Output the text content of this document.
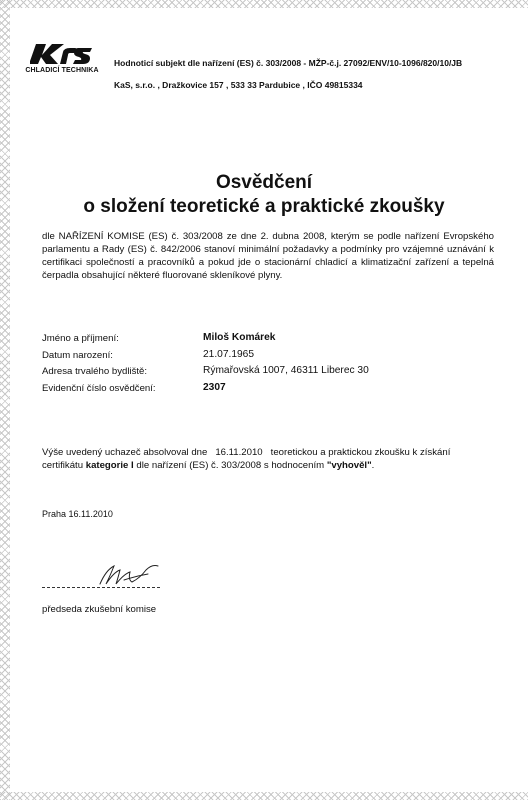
CHLADICÍ TECHNIKA
Hodnoticí subjekt dle nařízení (ES) č. 303/2008 - MŽP-č.j. 27092/ENV/10-1096/820/10/JB
KaS, s.r.o. , Dražkovice 157 , 533 33 Pardubice , IČO 49815334
Osvědčení
o složení teoretické a praktické zkoušky
dle NAŘÍZENÍ KOMISE (ES) č. 303/2008 ze dne 2. dubna 2008, kterým se podle nařízení Evropského parlamentu a Rady (ES) č. 842/2006 stanoví minimální požadavky a podmínky pro vzájemné uznávání k certifikaci společností a pracovníků a pokud jde o stacionární chladicí a klimatizační zařízení a tepelná čerpadla obsahující některé fluorované skleníkové plyny.
Jméno a příjmení:	Miloš Komárek
Datum narození:	21.07.1965
Adresa trvalého bydliště:	Rýmařovská 1007, 46311 Liberec 30
Evidenční číslo osvědčení:	2307
Výše uvedený uchazeč absolvoval dne 16.11.2010 teoretickou a praktickou zkoušku k získání certifikátu kategorie I dle nařízení (ES) č. 303/2008 s hodnocením "vyhověl".
Praha 16.11.2010
předseda zkušební komise
